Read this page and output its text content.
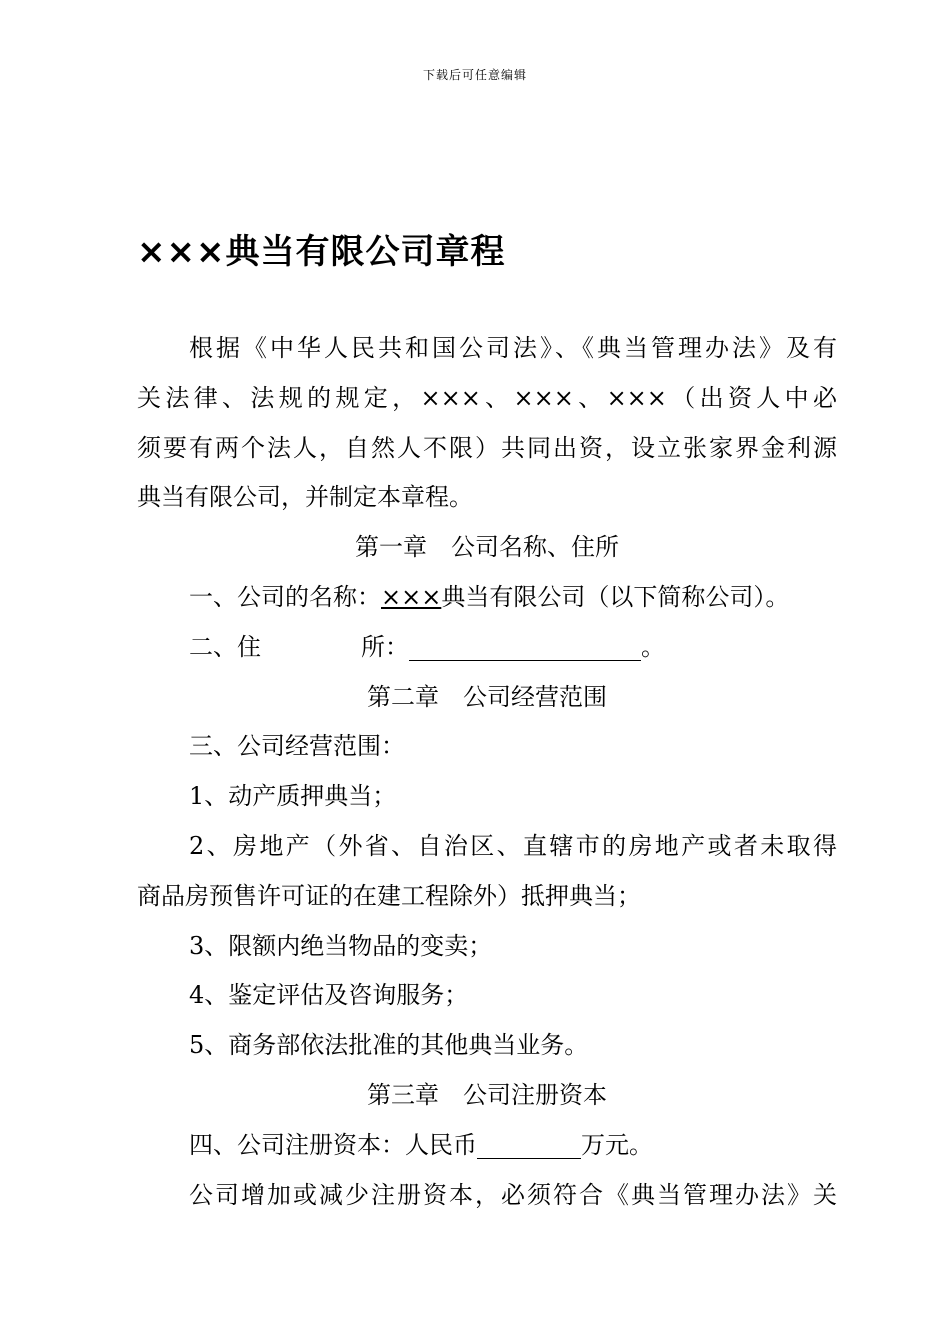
下载后可任意编辑
×××典当有限公司章程
根据《中华人民共和国公司法》、《典当管理办法》及有
关法律、法规的规定，×××、×××、×××（出资人中必
须要有两个法人，自然人不限）共同出资，设立张家界金利源
典当有限公司，并制定本章程。
第一章　公司名称、住所
一、公司的名称：×××典当有限公司（以下简称公司）。
二、住	所：	。
第二章　公司经营范围
三、公司经营范围：
1、动产质押典当；
2、房地产（外省、自治区、直辖市的房地产或者未取得
商品房预售许可证的在建工程除外）抵押典当；
3、限额内绝当物品的变卖；
4、鉴定评估及咨询服务；
5、商务部依法批准的其他典当业务。
第三章　公司注册资本
四、公司注册资本：人民币	万元。
公司增加或减少注册资本，必须符合《典当管理办法》关
